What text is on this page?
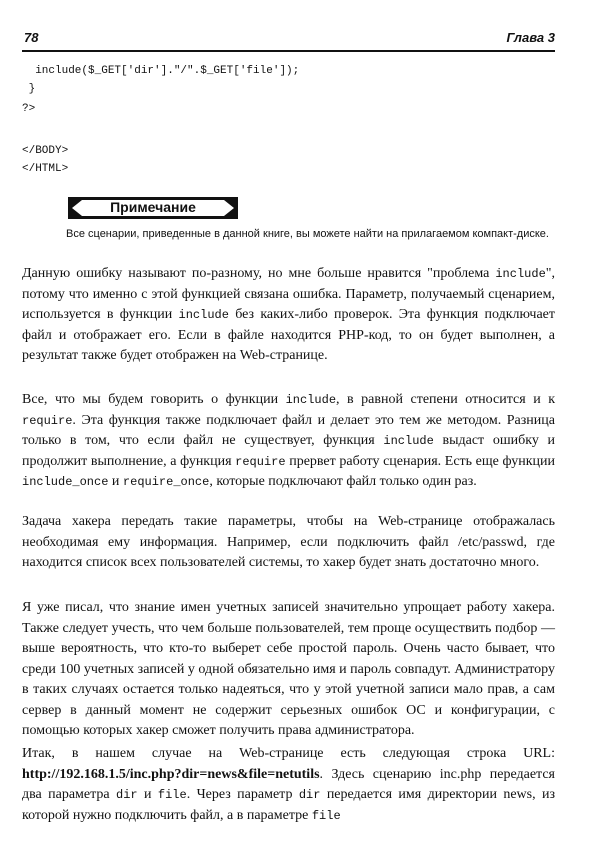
78	Глава 3
include($_GET['dir']."/".$_GET['file']);
}
?>
</BODY>
</HTML>
Примечание
Все сценарии, приведенные в данной книге, вы можете найти на прилагаемом компакт-диске.

Данную ошибку называют по-разному, но мне больше нравится "проблема include", потому что именно с этой функцией связана ошибка. Параметр, получаемый сценарием, используется в функции include без каких-либо проверок. Эта функция подключает файл и отображает его. Если в файле находится PHP-код, то он будет выполнен, а результат также будет отображен на Web-странице.

Все, что мы будем говорить о функции include, в равной степени относится и к require. Эта функция также подключает файл и делает это тем же методом. Разница только в том, что если файл не существует, функция include выдаст ошибку и продолжит выполнение, а функция require прервет работу сценария. Есть еще функции include_once и require_once, которые подключают файл только один раз.

Задача хакера передать такие параметры, чтобы на Web-странице отображалась необходимая ему информация. Например, если подключить файл /etc/passwd, где находится список всех пользователей системы, то хакер будет знать достаточно много.

Я уже писал, что знание имен учетных записей значительно упрощает работу хакера. Также следует учесть, что чем больше пользователей, тем проще осуществить подбор — выше вероятность, что кто-то выберет себе простой пароль. Очень часто бывает, что среди 100 учетных записей у одной обязательно имя и пароль совпадут. Администратору в таких случаях остается только надеяться, что у этой учетной записи мало прав, а сам сервер в данный момент не содержит серьезных ошибок ОС и конфигурации, с помощью которых хакер сможет получить права администратора.

Итак, в нашем случае на Web-странице есть следующая строка URL: http://192.168.1.5/inc.php?dir=news&file=netutils. Здесь сценарию inc.php передается два параметра dir и file. Через параметр dir передается имя директории news, из которой нужно подключить файл, а в параметре file
